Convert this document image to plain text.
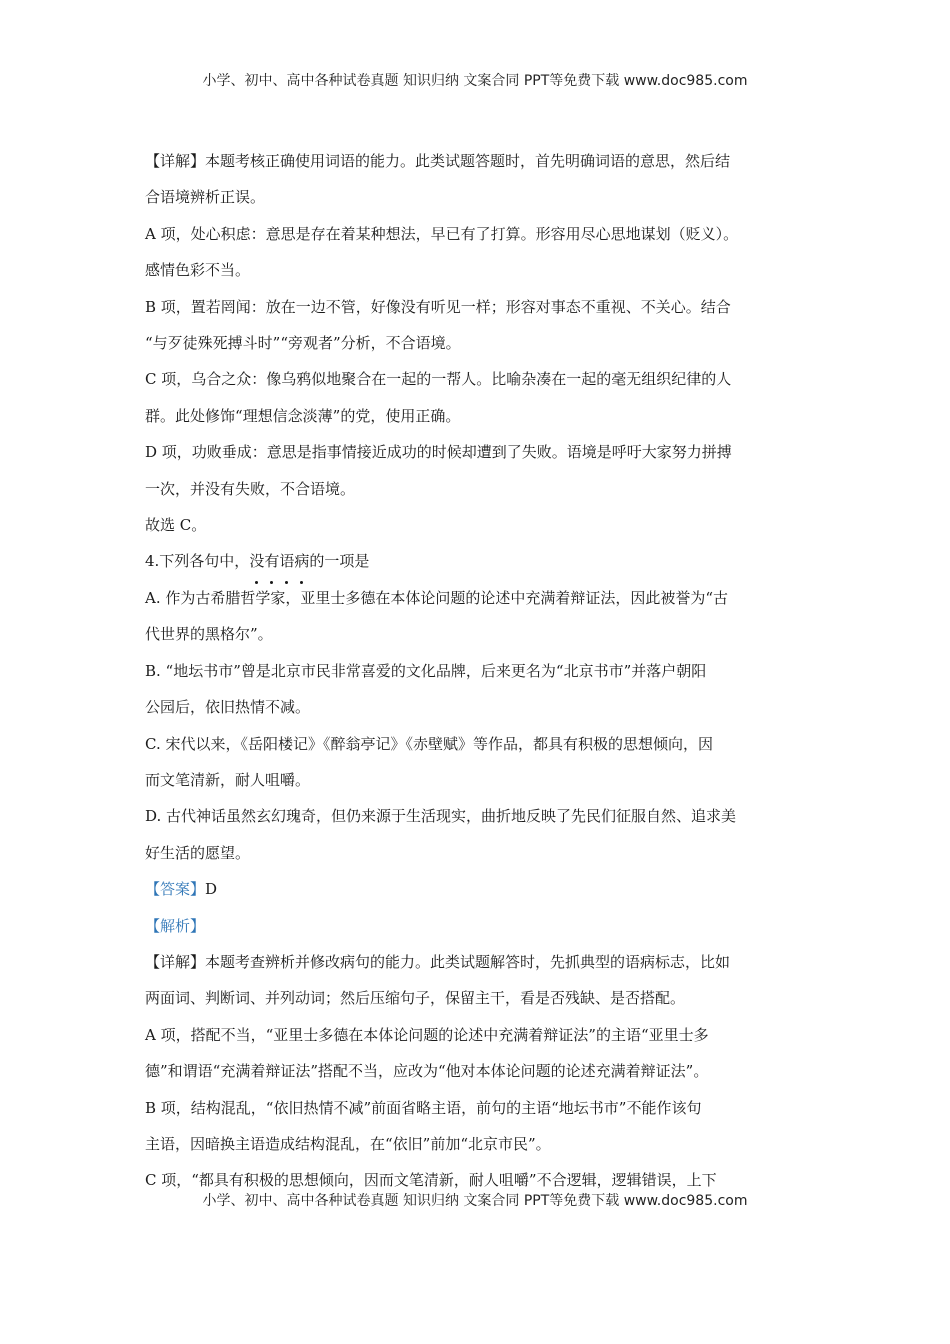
小学、初中、高中各种试卷真题 知识归纳 文案合同 PPT等免费下载 www.doc985.com

【详解】本题考核正确使用词语的能力。此类试题答题时，首先明确词语的意思，然后结

合语境辨析正误。

A 项，处心积虑：意思是存在着某种想法，早已有了打算。形容用尽心思地谋划（贬义）。

感情色彩不当。

B 项，置若罔闻：放在一边不管，好像没有听见一样；形容对事态不重视、不关心。结合

“与歹徒殊死搏斗时”“旁观者”分析，不合语境。

C 项，乌合之众：像乌鸦似地聚合在一起的一帮人。比喻杂凑在一起的毫无组织纪律的人

群。此处修饰“理想信念淡薄”的党，使用正确。

D 项，功败垂成：意思是指事情接近成功的时候却遭到了失败。语境是呼吁大家努力拼搏

一次，并没有失败，不合语境。

故选 C。

4.下列各句中，没有语病的一项是

A. 作为古希腊哲学家，亚里士多德在本体论问题的论述中充满着辩证法，因此被誉为“古

代世界的黑格尔”。

B. “地坛书市”曾是北京市民非常喜爱的文化品牌，后来更名为“北京书市”并落户朝阳

公园后，依旧热情不减。

C. 宋代以来，《岳阳楼记》《醉翁亭记》《赤壁赋》等作品，都具有积极的思想倾向，因

而文笔清新，耐人咀嚼。

D. 古代神话虽然玄幻瑰奇，但仍来源于生活现实，曲折地反映了先民们征服自然、追求美

好生活的愿望。

【答案】D

【解析】

【详解】本题考查辨析并修改病句的能力。此类试题解答时，先抓典型的语病标志，比如

两面词、判断词、并列动词；然后压缩句子，保留主干，看是否残缺、是否搭配。

A 项，搭配不当，“亚里士多德在本体论问题的论述中充满着辩证法”的主语“亚里士多

德”和谓语“充满着辩证法”搭配不当，应改为“他对本体论问题的论述充满着辩证法”。

B 项，结构混乱，“依旧热情不减”前面省略主语，前句的主语“地坛书市”不能作该句

主语，因暗换主语造成结构混乱，在“依旧”前加“北京市民”。

C 项，“都具有积极的思想倾向，因而文笔清新，耐人咀嚼”不合逻辑，逻辑错误，上下

小学、初中、高中各种试卷真题 知识归纳 文案合同 PPT等免费下载 www.doc985.com
